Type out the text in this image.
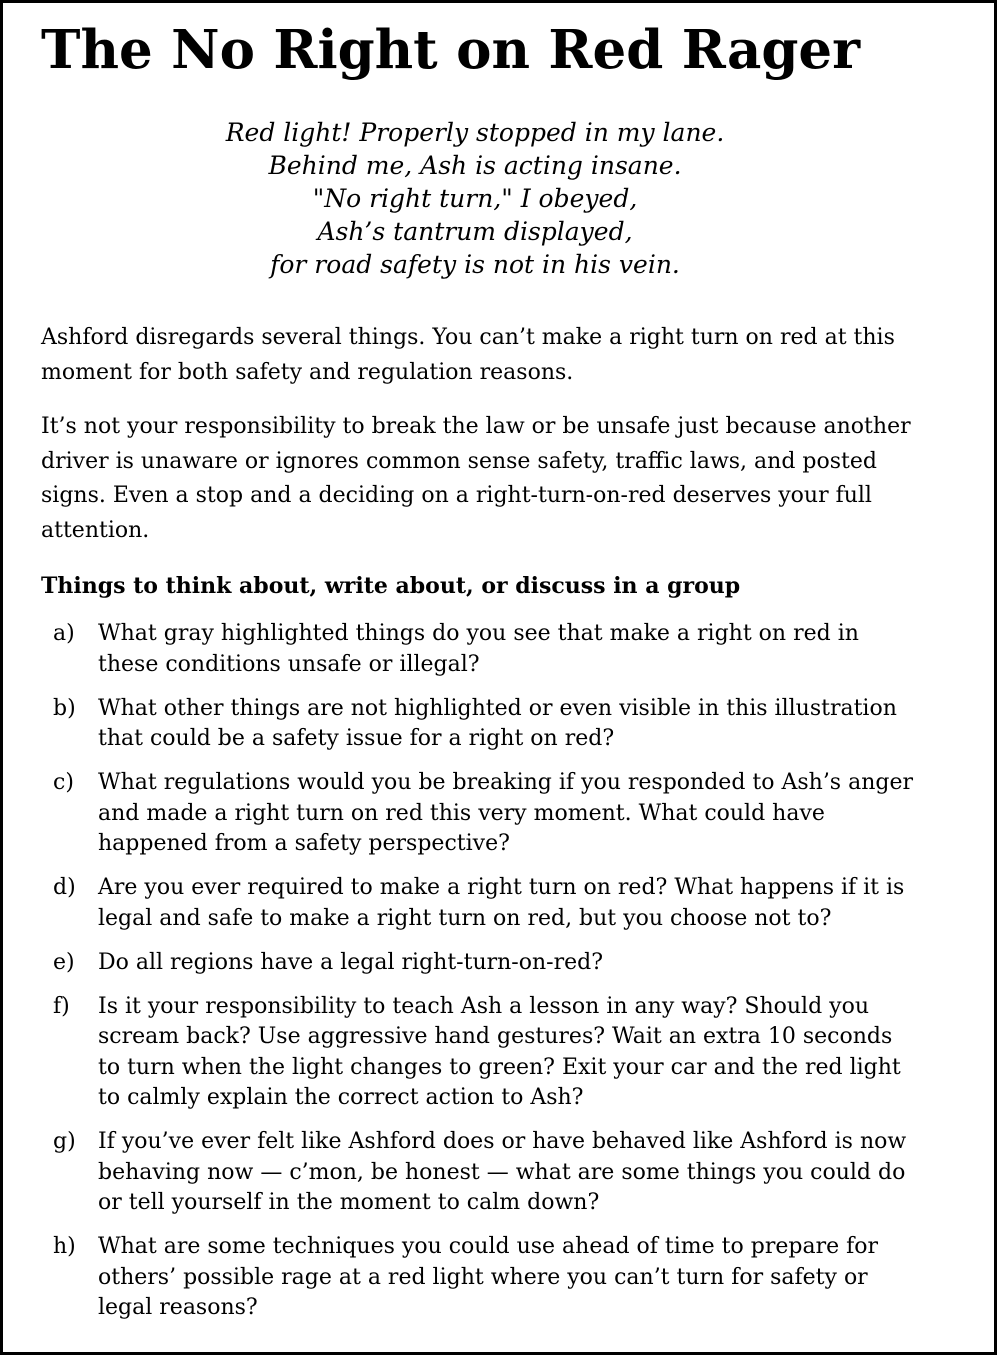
The No Right on Red Rager
Red light! Properly stopped in my lane.
Behind me, Ash is acting insane.
"No right turn," I obeyed,
Ash’s tantrum displayed,
for road safety is not in his vein.

Ashford disregards several things. You can’t make a right turn on red at this moment for both safety and regulation reasons.

It’s not your responsibility to break the law or be unsafe just because another driver is unaware or ignores common sense safety, traffic laws, and posted signs. Even a stop and a deciding on a right-turn-on-red deserves your full attention.

Things to think about, write about, or discuss in a group
a)	What gray highlighted things do you see that make a right on red in these conditions unsafe or illegal?
b)	What other things are not highlighted or even visible in this illustration that could be a safety issue for a right on red?
c)	What regulations would you be breaking if you responded to Ash’s anger and made a right turn on red this very moment. What could have happened from a safety perspective?
d)	Are you ever required to make a right turn on red? What happens if it is legal and safe to make a right turn on red, but you choose not to?
e)	Do all regions have a legal right-turn-on-red?
f)	Is it your responsibility to teach Ash a lesson in any way? Should you scream back? Use aggressive hand gestures? Wait an extra 10 seconds to turn when the light changes to green? Exit your car and the red light to calmly explain the correct action to Ash?
g)	If you’ve ever felt like Ashford does or have behaved like Ashford is now behaving now — c’mon, be honest — what are some things you could do or tell yourself in the moment to calm down?
h)	What are some techniques you could use ahead of time to prepare for others’ possible rage at a red light where you can’t turn for safety or legal reasons?
